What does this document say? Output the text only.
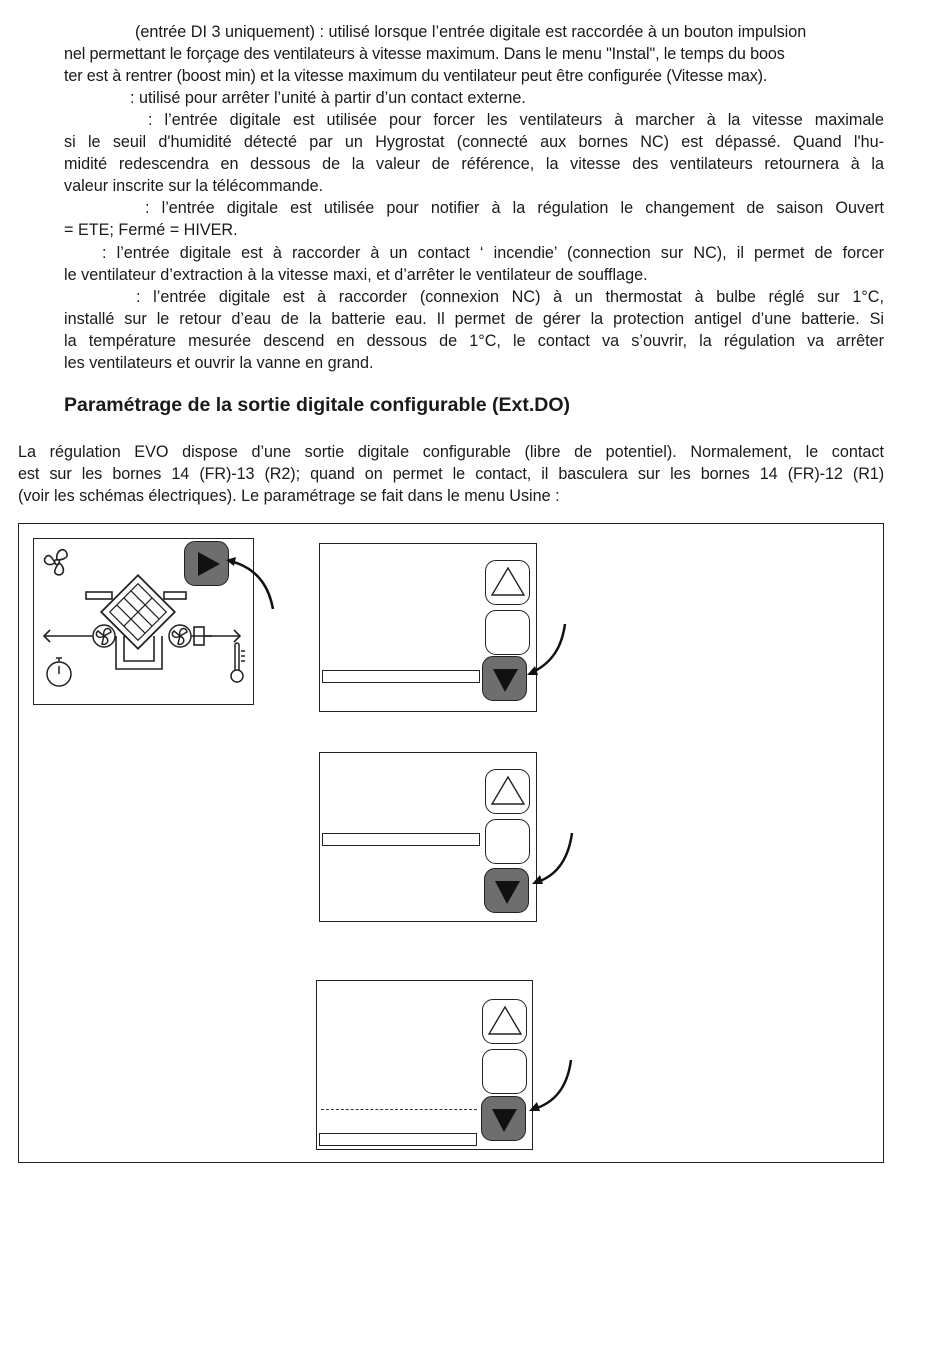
(entrée DI 3 uniquement) : utilisé lorsque l’entrée digitale est raccordée à un bouton impulsion
nel permettant le forçage des ventilateurs à vitesse maximum. Dans le menu "Instal", le temps du boos
ter est à rentrer (boost min) et la vitesse maximum du ventilateur peut être configurée (Vitesse max).
: utilisé pour arrêter l’unité à partir d’un contact externe.
: l’entrée digitale est utilisée pour forcer les ventilateurs à marcher à la vitesse maximale
si le seuil d'humidité détecté par un Hygrostat (connecté aux bornes NC) est dépassé. Quand l'hu-
midité redescendra en dessous de la valeur de référence, la vitesse des ventilateurs retournera à la
valeur inscrite sur la télécommande.
: l’entrée digitale est utilisée pour notifier à la régulation le changement de saison Ouvert
= ETE; Fermé = HIVER.
: l’entrée digitale est à raccorder à un contact ‘ incendie’ (connection sur NC), il permet de forcer
le ventilateur d’extraction à la vitesse maxi, et d’arrêter le ventilateur de soufflage.
: l’entrée digitale est à raccorder (connexion NC) à un thermostat à bulbe réglé sur 1°C,
installé sur le retour d’eau de la batterie eau. Il permet de gérer la protection antigel d’une batterie. Si
la température mesurée descend en dessous de 1°C, le contact va s’ouvrir, la régulation va arrêter
les ventilateurs et ouvrir la vanne en grand.
Paramétrage de la sortie digitale configurable (Ext.DO)
La régulation EVO dispose d’une sortie digitale configurable (libre de potentiel). Normalement, le contact
est sur les bornes 14 (FR)-13 (R2); quand on permet le contact, il basculera sur les bornes 14 (FR)-12 (R1)
(voir les schémas électriques). Le paramétrage se fait dans le menu Usine :
